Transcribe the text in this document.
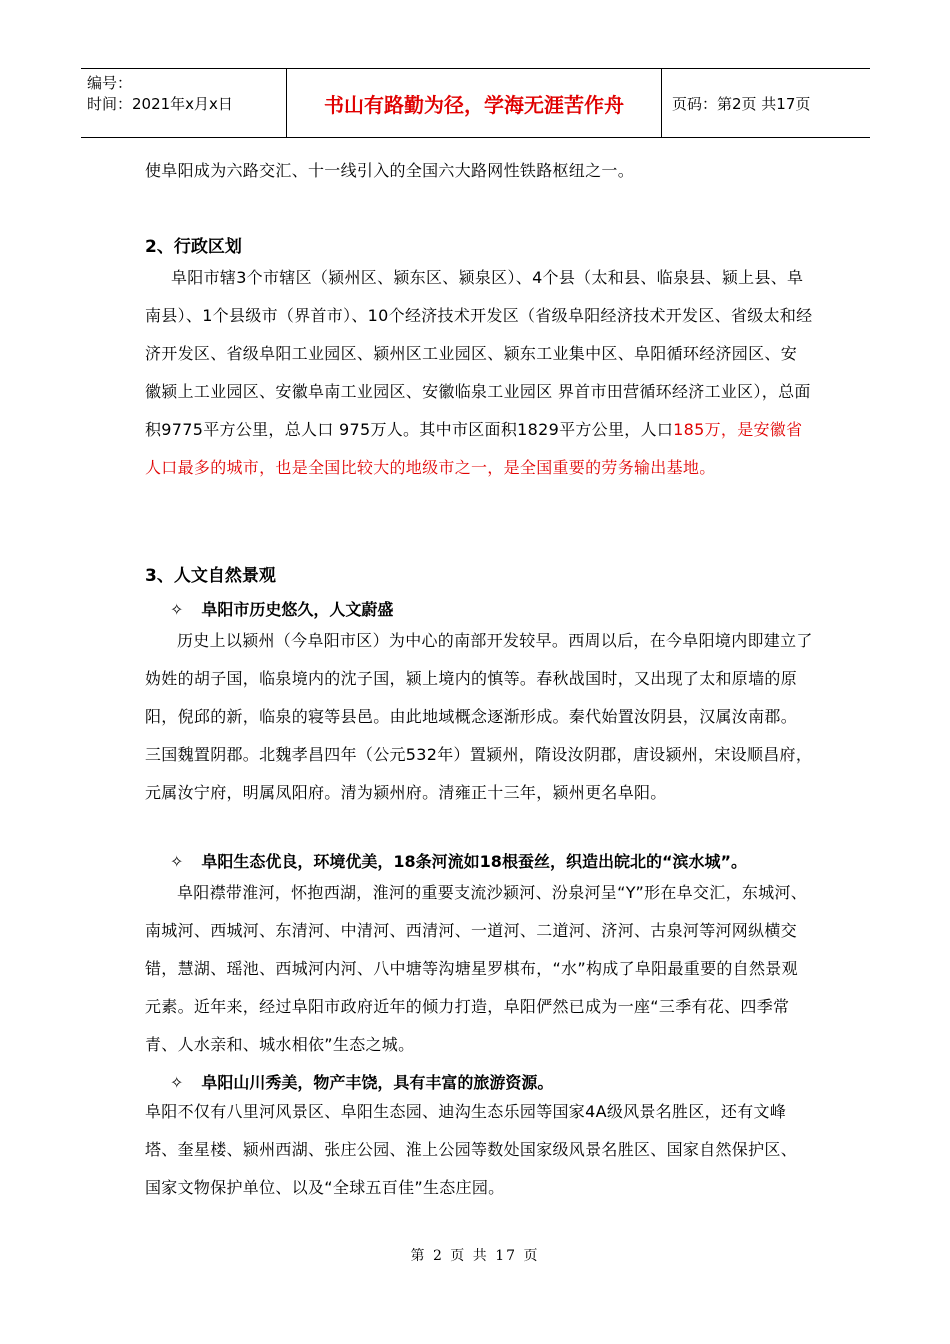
编号：
时间：2021年x月x日	书山有路勤为径，学海无涯苦作舟	页码：第2页 共17页
使阜阳成为六路交汇、十一线引入的全国六大路网性铁路枢纽之一。
2、行政区划
阜阳市辖3个市辖区（颍州区、颍东区、颍泉区）、4个县（太和县、临泉县、颍上县、阜南县）、1个县级市（界首市）、10个经济技术开发区（省级阜阳经济技术开发区、省级太和经济开发区、省级阜阳工业园区、颍州区工业园区、颍东工业集中区、阜阳循环经济园区、安徽颍上工业园区、安徽阜南工业园区、安徽临泉工业园区 界首市田营循环经济工业区），总面积9775平方公里，总人口 975万人。其中市区面积1829平方公里，人口185万，是安徽省人口最多的城市，也是全国比较大的地级市之一，是全国重要的劳务输出基地。
3、人文自然景观
✧ 阜阳市历史悠久，人文蔚盛
历史上以颍州（今阜阳市区）为中心的南部开发较早。西周以后，在今阜阳境内即建立了妫姓的胡子国，临泉境内的沈子国，颍上境内的慎等。春秋战国时，又出现了太和原墙的原阳，倪邱的新，临泉的寝等县邑。由此地域概念逐渐形成。秦代始置汝阴县，汉属汝南郡。三国魏置阴郡。北魏孝昌四年（公元532年）置颍州，隋设汝阴郡，唐设颍州，宋设顺昌府，元属汝宁府，明属凤阳府。清为颍州府。清雍正十三年，颍州更名阜阳。
✧ 阜阳生态优良，环境优美，18条河流如18根蚕丝，织造出皖北的“滨水城”。
阜阳襟带淮河，怀抱西湖，淮河的重要支流沙颍河、汾泉河呈“Y”形在阜交汇，东城河、南城河、西城河、东清河、中清河、西清河、一道河、二道河、济河、古泉河等河网纵横交错，慧湖、瑶池、西城河内河、八中塘等沟塘星罗棋布，“水”构成了阜阳最重要的自然景观元素。近年来，经过阜阳市政府近年的倾力打造，阜阳俨然已成为一座“三季有花、四季常青、人水亲和、城水相依”生态之城。
✧ 阜阳山川秀美，物产丰饶，具有丰富的旅游资源。
阜阳不仅有八里河风景区、阜阳生态园、迪沟生态乐园等国家4A级风景名胜区，还有文峰塔、奎星楼、颍州西湖、张庄公园、淮上公园等数处国家级风景名胜区、国家自然保护区、国家文物保护单位、以及“全球五百佳”生态庄园。
第 2 页 共 17 页
